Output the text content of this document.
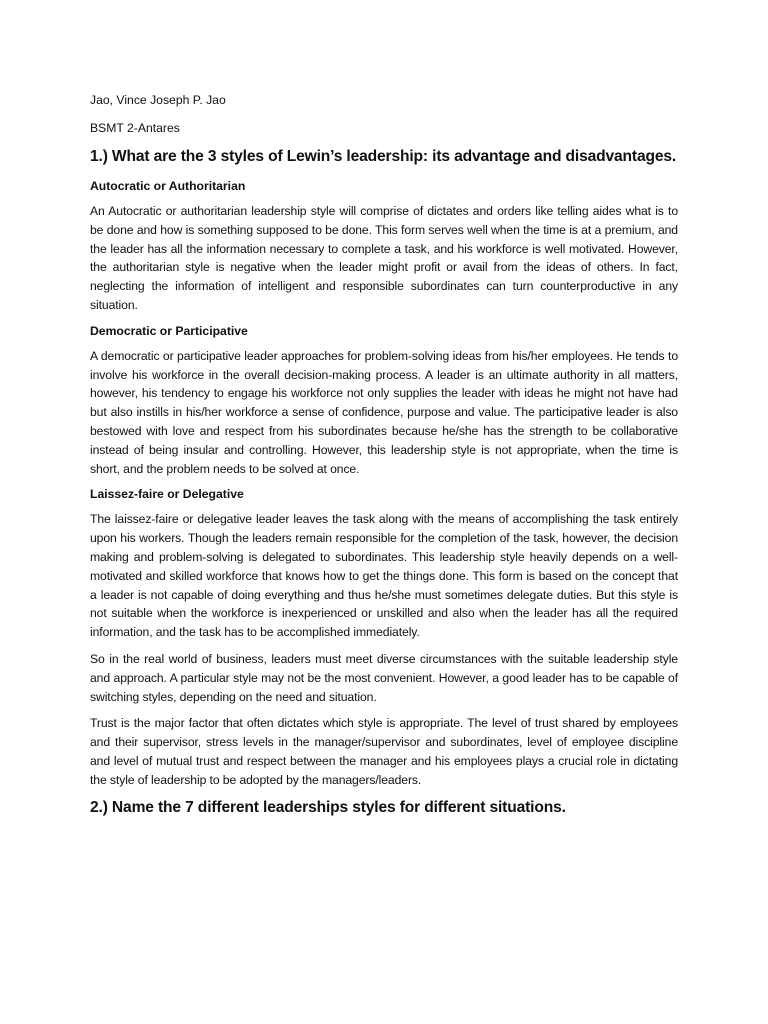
Jao, Vince Joseph P. Jao

BSMT 2-Antares

1.) What are the 3 styles of Lewin’s leadership: its advantage and disadvantages.
Autocratic or Authoritarian

An Autocratic or authoritarian leadership style will comprise of dictates and orders like telling aides what is to be done and how is something supposed to be done. This form serves well when the time is at a premium, and the leader has all the information necessary to complete a task, and his workforce is well motivated. However, the authoritarian style is negative when the leader might profit or avail from the ideas of others. In fact, neglecting the information of intelligent and responsible subordinates can turn counterproductive in any situation.

Democratic or Participative

A democratic or participative leader approaches for problem-solving ideas from his/her employees. He tends to involve his workforce in the overall decision-making process. A leader is an ultimate authority in all matters, however, his tendency to engage his workforce not only supplies the leader with ideas he might not have had but also instills in his/her workforce a sense of confidence, purpose and value. The participative leader is also bestowed with love and respect from his subordinates because he/she has the strength to be collaborative instead of being insular and controlling. However, this leadership style is not appropriate, when the time is short, and the problem needs to be solved at once.

Laissez-faire or Delegative

The laissez-faire or delegative leader leaves the task along with the means of accomplishing the task entirely upon his workers. Though the leaders remain responsible for the completion of the task, however, the decision making and problem-solving is delegated to subordinates. This leadership style heavily depends on a well-motivated and skilled workforce that knows how to get the things done. This form is based on the concept that a leader is not capable of doing everything and thus he/she must sometimes delegate duties. But this style is not suitable when the workforce is inexperienced or unskilled and also when the leader has all the required information, and the task has to be accomplished immediately.

So in the real world of business, leaders must meet diverse circumstances with the suitable leadership style and approach. A particular style may not be the most convenient. However, a good leader has to be capable of switching styles, depending on the need and situation.

Trust is the major factor that often dictates which style is appropriate. The level of trust shared by employees and their supervisor, stress levels in the manager/supervisor and subordinates, level of employee discipline and level of mutual trust and respect between the manager and his employees plays a crucial role in dictating the style of leadership to be adopted by the managers/leaders.

2.) Name the 7 different leaderships styles for different situations.
